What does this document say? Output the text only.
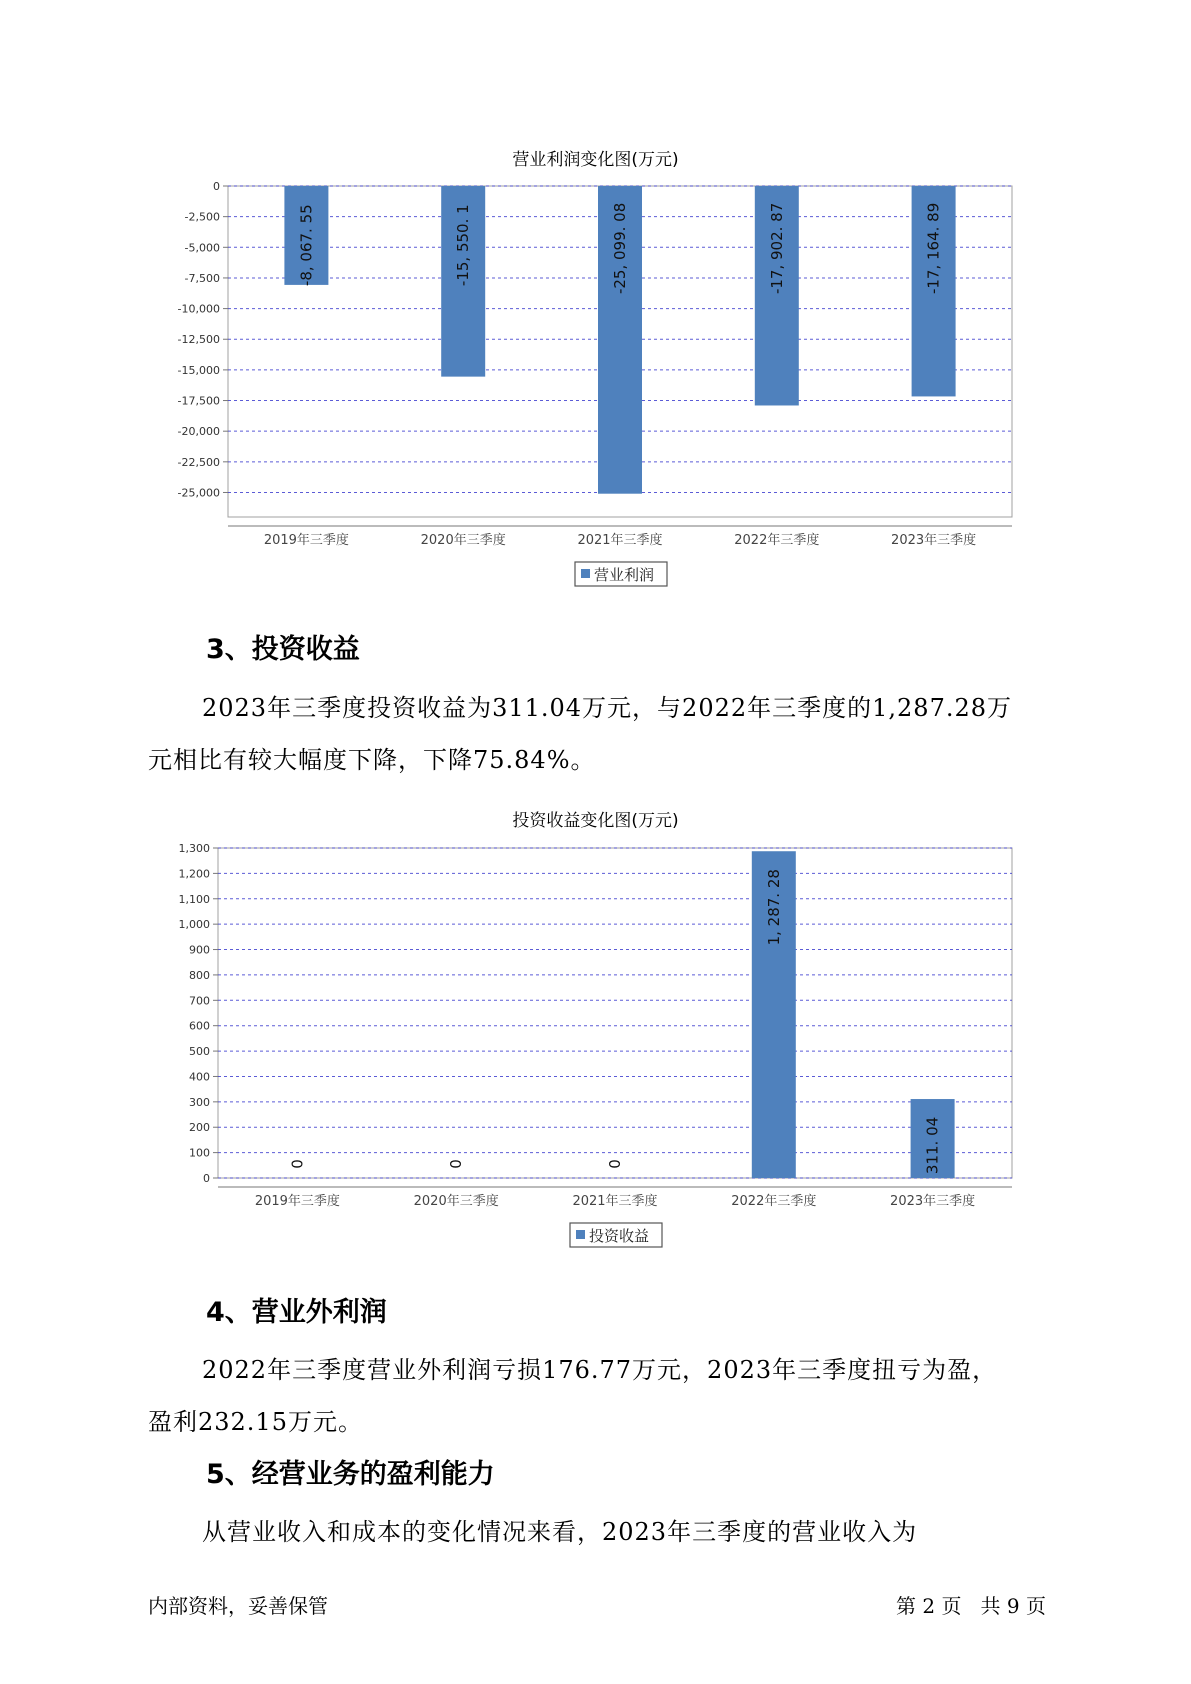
营业利润变化图(万元)
0
-2,500
-5,000
-7,500
-10,000
-12,500
-15,000
-17,500
-20,000
-22,500
-25,000
2019年三季度
-8, 067. 55
2020年三季度
-15, 550. 1
2021年三季度
-25, 099. 08
2022年三季度
-17, 902. 87
2023年三季度
-17, 164. 89
营业利润
投资收益变化图(万元)
0
100
200
300
400
500
600
700
800
900
1,000
1,100
1,200
1,300
2019年三季度
0
2020年三季度
0
2021年三季度
0
2022年三季度
1, 287. 28
2023年三季度
311. 04
投资收益
3、投资收益

2023年三季度投资收益为311.04万元，与2022年三季度的1,287.28万

元相比有较大幅度下降，下降75.84%。

4、营业外利润

2022年三季度营业外利润亏损176.77万元，2023年三季度扭亏为盈，

盈利232.15万元。

5、经营业务的盈利能力

从营业收入和成本的变化情况来看，2023年三季度的营业收入为

内部资料，妥善保管	第 2 页   共 9 页
